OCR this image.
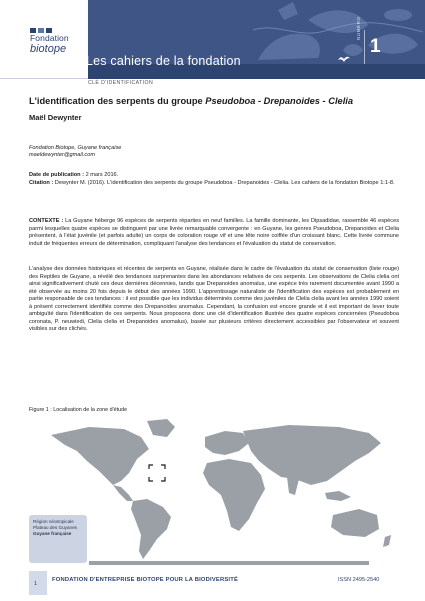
Fondation
biotope
Les cahiers de la fondation
NUMÉRO
1
CLÉ D'IDENTIFICATION
L'identification des serpents du groupe Pseudoboa - Drepanoides - Clelia
Maël Dewynter
Fondation Biotope, Guyane française
maeldewynter@gmail.com
Date de publication : 2 mars 2016.
Citation : Dewynter M. (2016). L'identification des serpents du groupe Pseudoboa - Drepanoides - Clelia. Les cahiers de la fondation Biotope 1:1-8.
CONTEXTE : La Guyane héberge 96 espèces de serpents réparties en neuf familles. La famille dominante, les Dipsadidae, rassemble 46 espèces parmi lesquelles quatre espèces se distinguent par une livrée remarquable convergente : en Guyane, les genres Pseudoboa, Drepanoides et Clelia présentent, à l'état juvénile (et parfois adulte) un corps de coloration rouge vif et une tête noire coiffée d'un croissant blanc. Cette livrée commune induit de fréquentes erreurs de détermination, compliquant l'analyse des tendances et l'évaluation du statut de conservation.
L'analyse des données historiques et récentes de serpents en Guyane, réalisée dans le cadre de l'évaluation du statut de conservation (liste rouge) des Reptiles de Guyane, a révélé des tendances surprenantes dans les abondances relatives de ces serpents. Les observations de Clelia clelia ont ainsi significativement chuté ces deux dernières décennies, tandis que Drepanoides anomalus, une espèce très rarement documentée avant 1990 a été observée au moins 20 fois depuis le début des années 1990. L'apprentissage naturaliste de l'identification des espèces est probablement en partie responsable de ces tendances : il est possible que les individus déterminés comme des juvéniles de Clelia clelia avant les années 1990 soient à présent correctement identifiés comme des Drepanoides anomalus. Cependant, la confusion est encore grande et il est important de lever toute ambiguïté dans l'identification de ces serpents. Nous proposons donc une clé d'identification illustrée des quatre espèces concernées (Pseudoboa coronata, P. neuwiedi, Clelia clelia et Drepanoides anomalus), basée sur plusieurs critères directement accessibles par l'observateur et souvent visibles sur des clichés.
Figure 1 : Localisation de la zone d'étude
Région néotropicale
Plateau des Guyanes
Guyane française
1
FONDATION D'ENTREPRISE BIOTOPE POUR LA BIODIVERSITÉ	ISSN 2495-2540
